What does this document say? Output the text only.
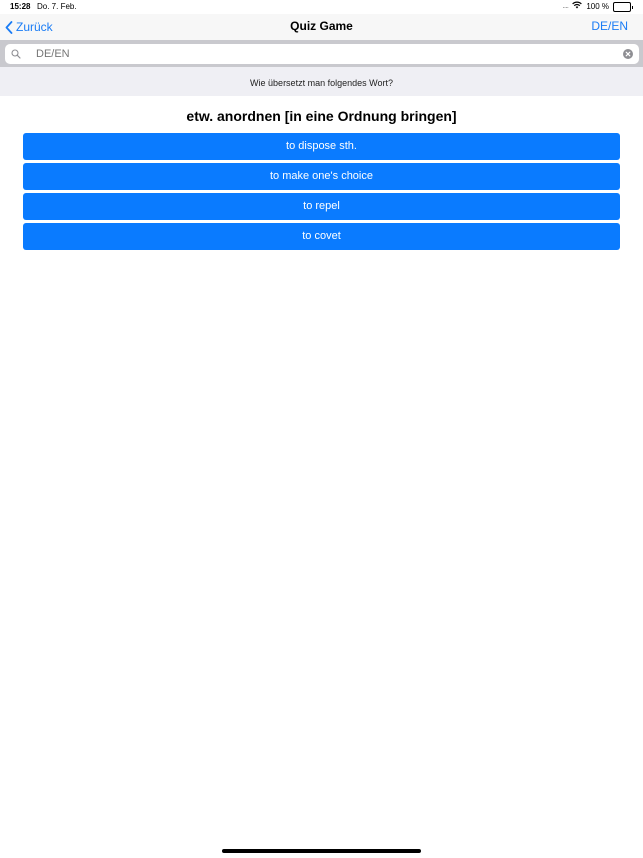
15:28 Do. 7. Feb.	.... 100 %
Zurück	Quiz Game	DE/EN
DE/EN
Wie übersetzt man folgendes Wort?
etw. anordnen [in eine Ordnung bringen]
to dispose sth.
to make one's choice
to repel
to covet
